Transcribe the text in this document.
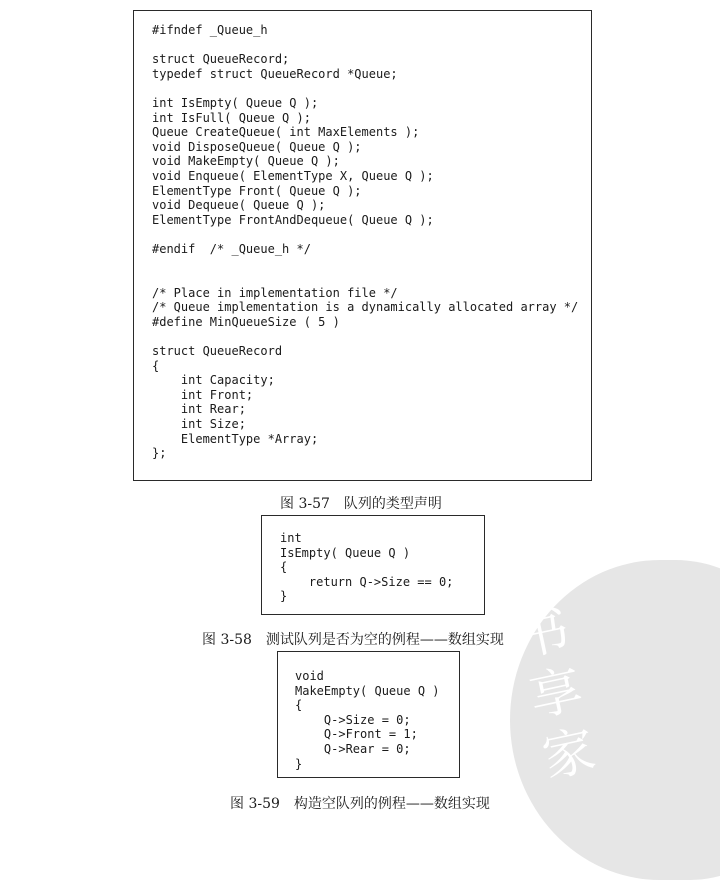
书
享
家
#ifndef _Queue_h

struct QueueRecord;
typedef struct QueueRecord *Queue;

int IsEmpty( Queue Q );
int IsFull( Queue Q );
Queue CreateQueue( int MaxElements );
void DisposeQueue( Queue Q );
void MakeEmpty( Queue Q );
void Enqueue( ElementType X, Queue Q );
ElementType Front( Queue Q );
void Dequeue( Queue Q );
ElementType FrontAndDequeue( Queue Q );

#endif  /* _Queue_h */

/* Place in implementation file */
/* Queue implementation is a dynamically allocated array */
#define MinQueueSize ( 5 )

struct QueueRecord
{
int Capacity;
int Front;
int Rear;
int Size;
ElementType *Array;
};
图 3-57 队列的类型声明
int
IsEmpty( Queue Q )
{
return Q->Size == 0;
}
图 3-58 测试队列是否为空的例程——数组实现
void
MakeEmpty( Queue Q )
{
Q->Size = 0;
Q->Front = 1;
Q->Rear = 0;
}
图 3-59 构造空队列的例程——数组实现
